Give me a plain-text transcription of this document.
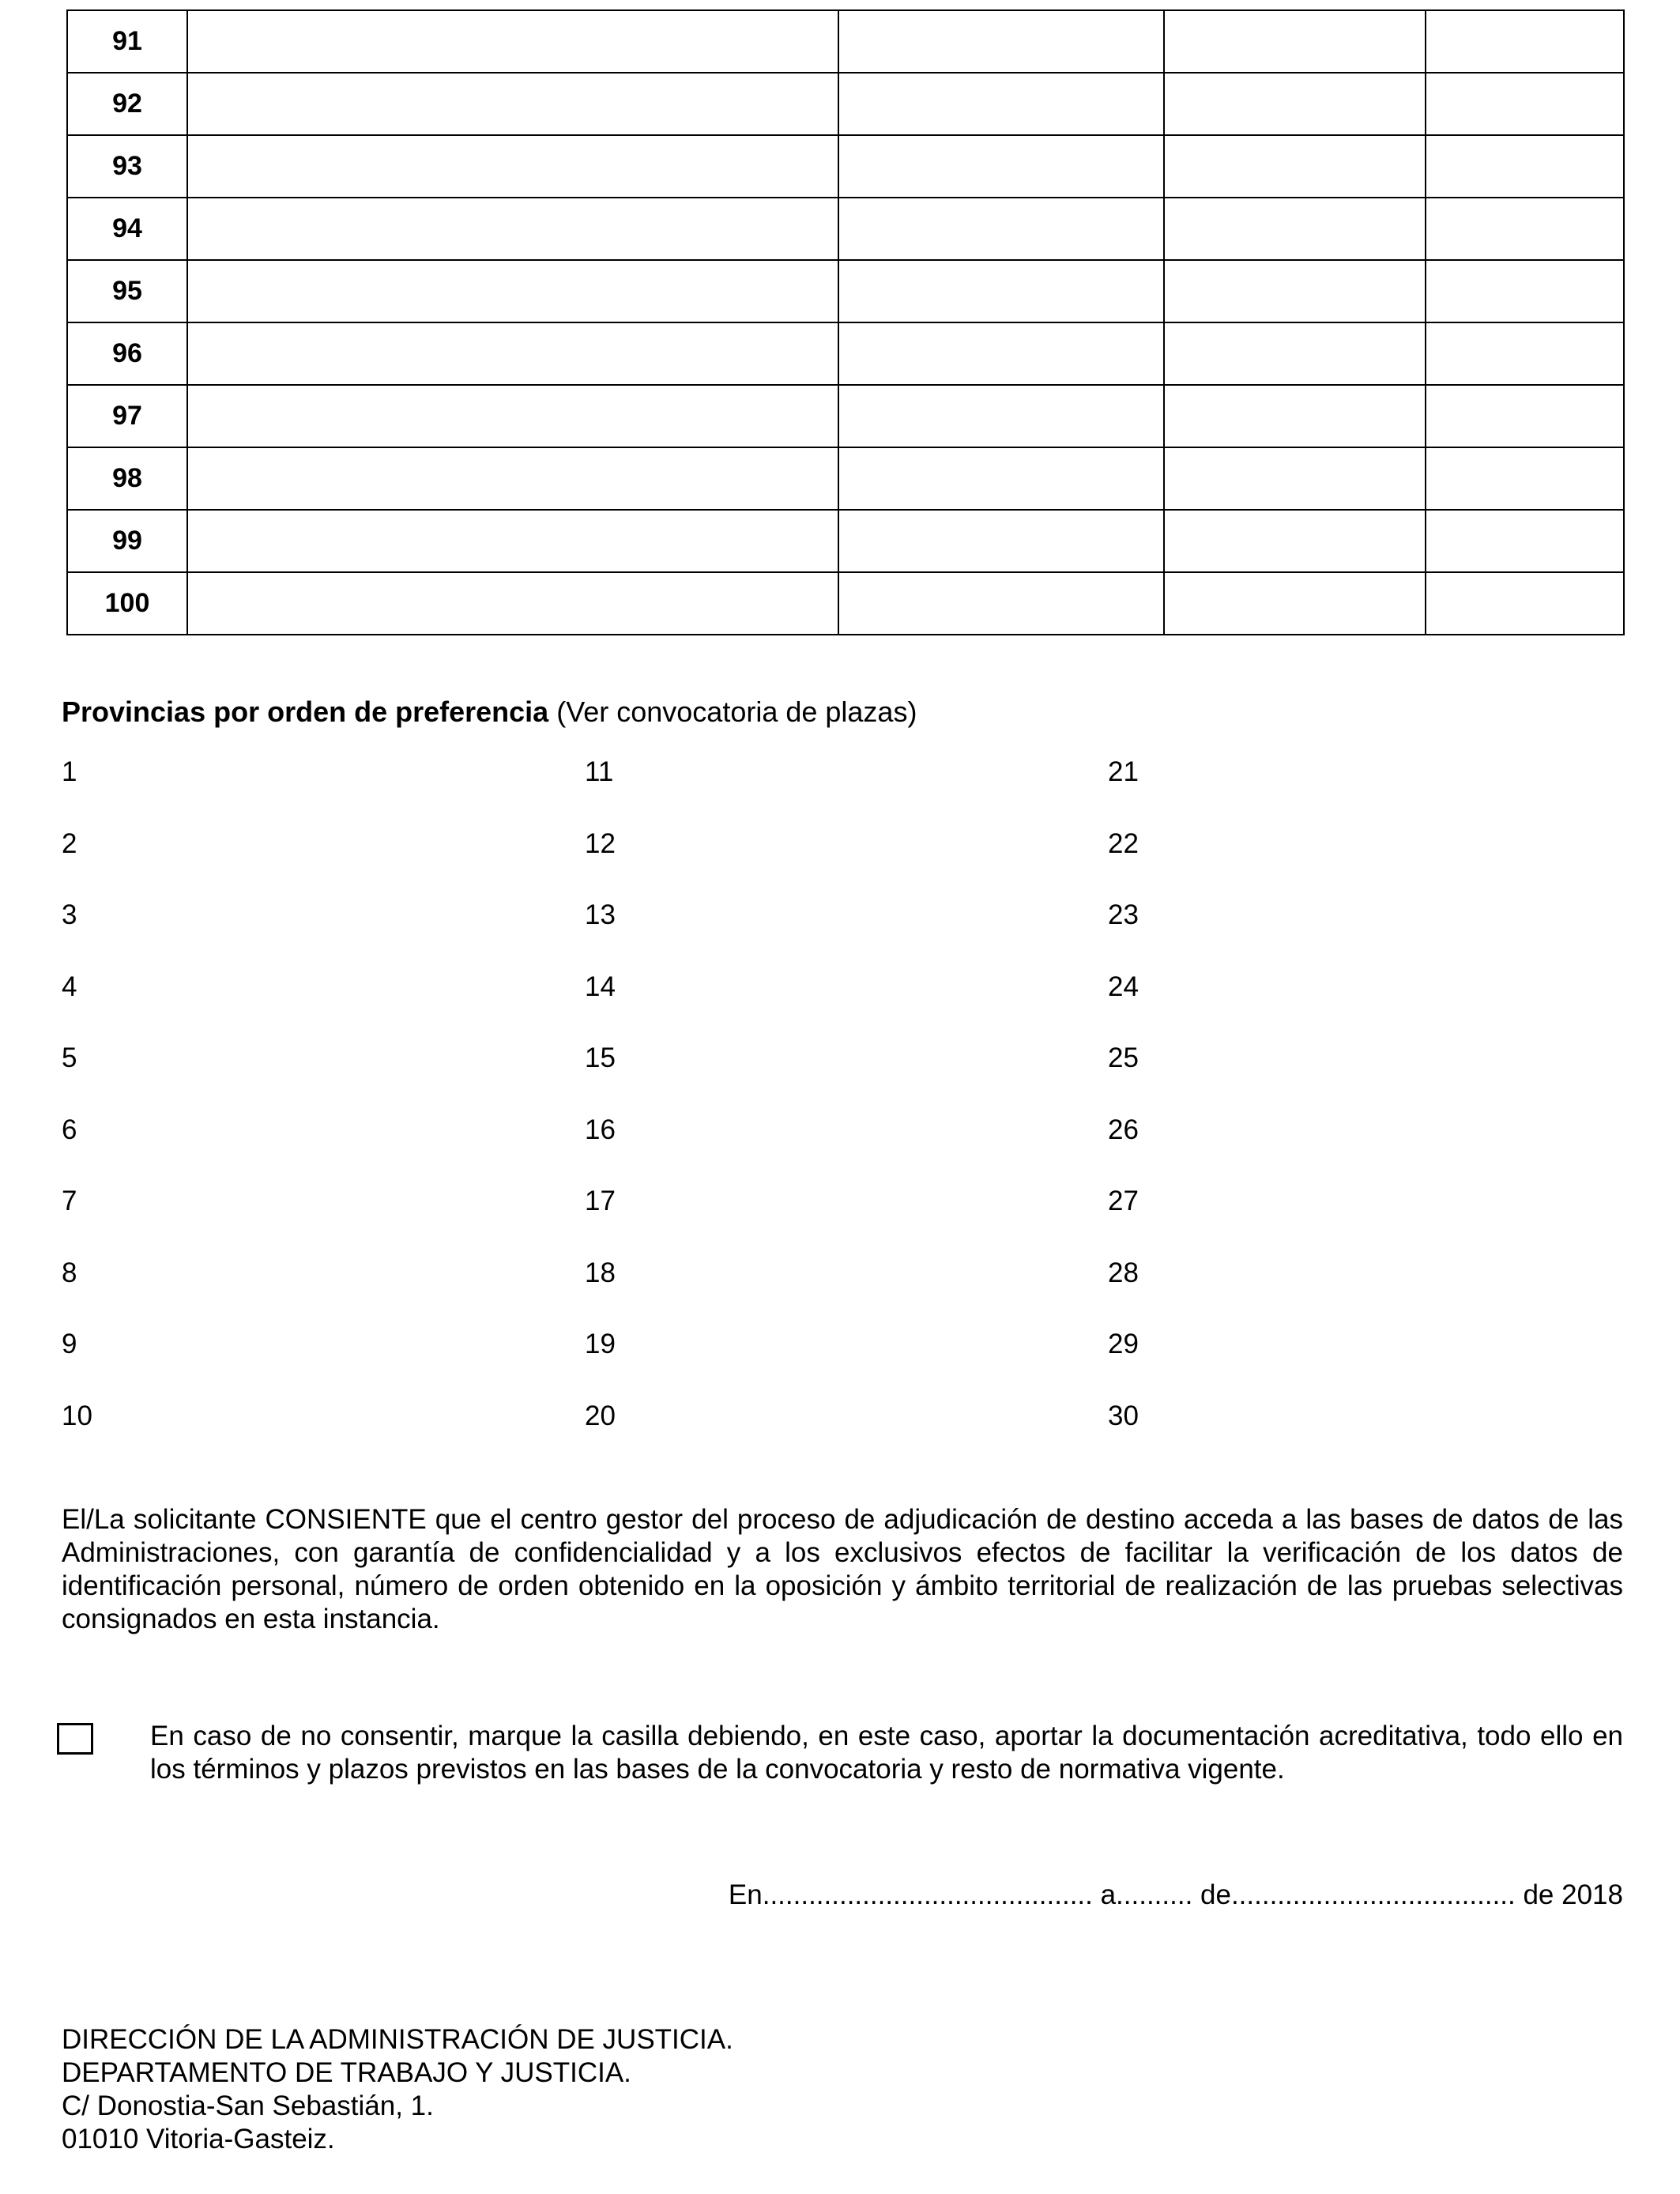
91				
92				
93				
94				
95				
96				
97				
98				
99				
100				
Provincias por orden de preferencia (Ver convocatoria de plazas)
1
2
3
4
5
6
7
8
9
10
11
12
13
14
15
16
17
18
19
20
21
22
23
24
25
26
27
28
29
30

El/La solicitante CONSIENTE que el centro gestor del proceso de adjudicación de destino acceda a las bases de datos de las Administraciones, con garantía de confidencialidad y a los exclusivos efectos de facilitar la verificación de los datos de identificación personal, número de orden obtenido en la oposición y ámbito territorial de realización de las pruebas selectivas consignados en esta instancia.

En caso de no consentir, marque la casilla debiendo, en este caso, aportar la documentación acreditativa, todo ello en los términos y plazos previstos en las bases de la convocatoria y resto de normativa vigente.

En........................................... a.......... de..................................... de 2018
DIRECCIÓN DE LA ADMINISTRACIÓN DE JUSTICIA.
DEPARTAMENTO DE TRABAJO Y JUSTICIA.
C/ Donostia-San Sebastián, 1.
01010 Vitoria-Gasteiz.
